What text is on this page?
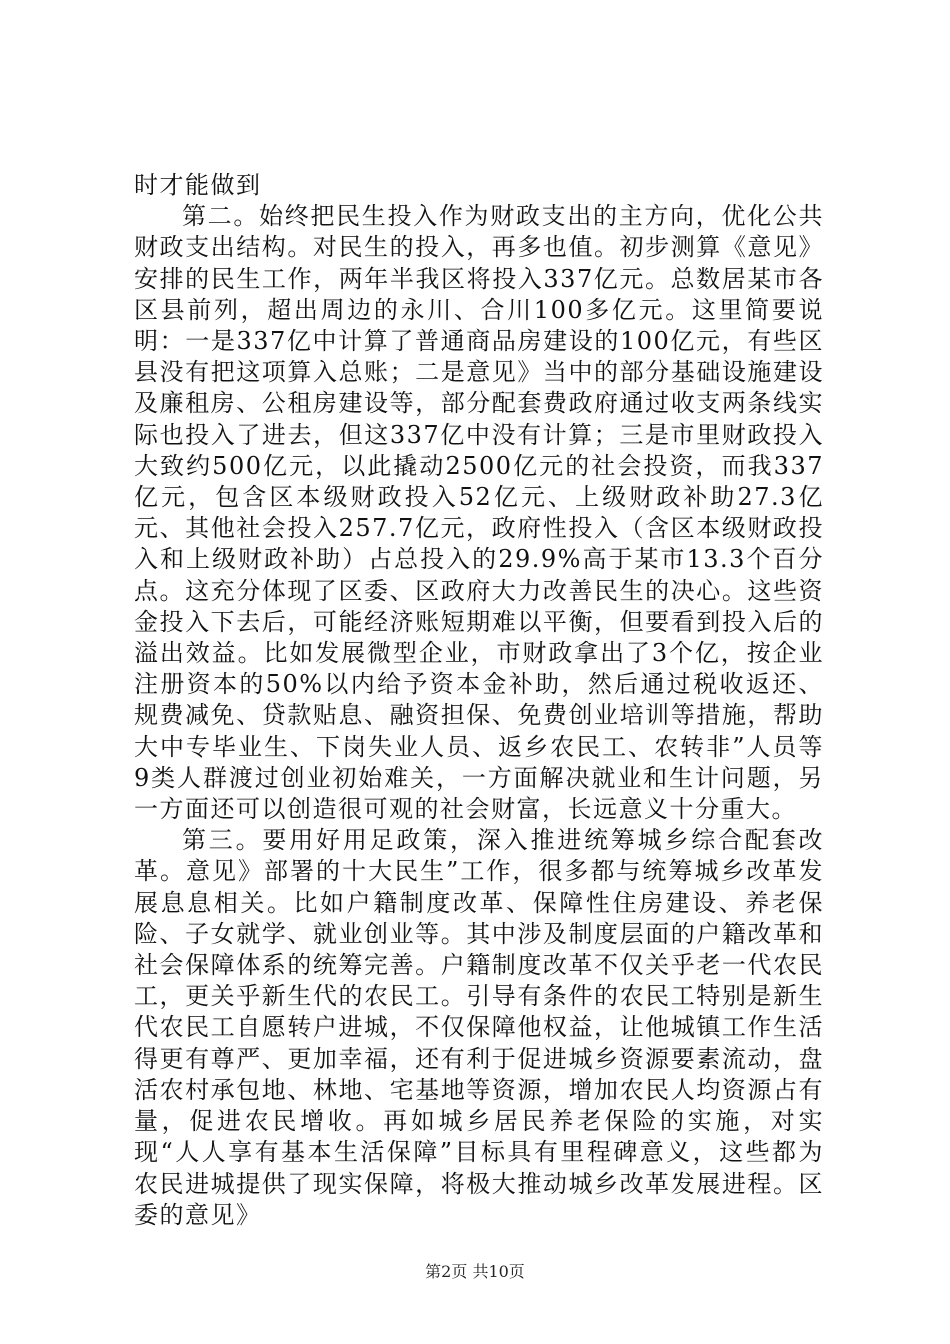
时才能做到

第二。始终把民生投入作为财政支出的主方向，优化公共财政支出结构。对民生的投入，再多也值。初步测算《意见》安排的民生工作，两年半我区将投入337亿元。总数居某市各区县前列，超出周边的永川、合川100多亿元。这里简要说明：一是337亿中计算了普通商品房建设的100亿元，有些区县没有把这项算入总账；二是意见》当中的部分基础设施建设及廉租房、公租房建设等，部分配套费政府通过收支两条线实际也投入了进去，但这337亿中没有计算；三是市里财政投入大致约500亿元，以此撬动2500亿元的社会投资，而我337亿元，包含区本级财政投入52亿元、上级财政补助27.3亿元、其他社会投入257.7亿元，政府性投入（含区本级财政投入和上级财政补助）占总投入的29.9%高于某市13.3个百分点。这充分体现了区委、区政府大力改善民生的决心。这些资金投入下去后，可能经济账短期难以平衡，但要看到投入后的溢出效益。比如发展微型企业，市财政拿出了3个亿，按企业注册资本的50%以内给予资本金补助，然后通过税收返还、规费减免、贷款贴息、融资担保、免费创业培训等措施，帮助大中专毕业生、下岗失业人员、返乡农民工、农转非”人员等9类人群渡过创业初始难关，一方面解决就业和生计问题，另一方面还可以创造很可观的社会财富，长远意义十分重大。

第三。要用好用足政策，深入推进统筹城乡综合配套改革。意见》部署的十大民生”工作，很多都与统筹城乡改革发展息息相关。比如户籍制度改革、保障性住房建设、养老保险、子女就学、就业创业等。其中涉及制度层面的户籍改革和社会保障体系的统筹完善。户籍制度改革不仅关乎老一代农民工，更关乎新生代的农民工。引导有条件的农民工特别是新生代农民工自愿转户进城，不仅保障他权益，让他城镇工作生活得更有尊严、更加幸福，还有利于促进城乡资源要素流动，盘活农村承包地、林地、宅基地等资源，增加农民人均资源占有量，促进农民增收。再如城乡居民养老保险的实施，对实现“人人享有基本生活保障”目标具有里程碑意义，这些都为农民进城提供了现实保障，将极大推动城乡改革发展进程。区委的意见》

第2页 共10页
